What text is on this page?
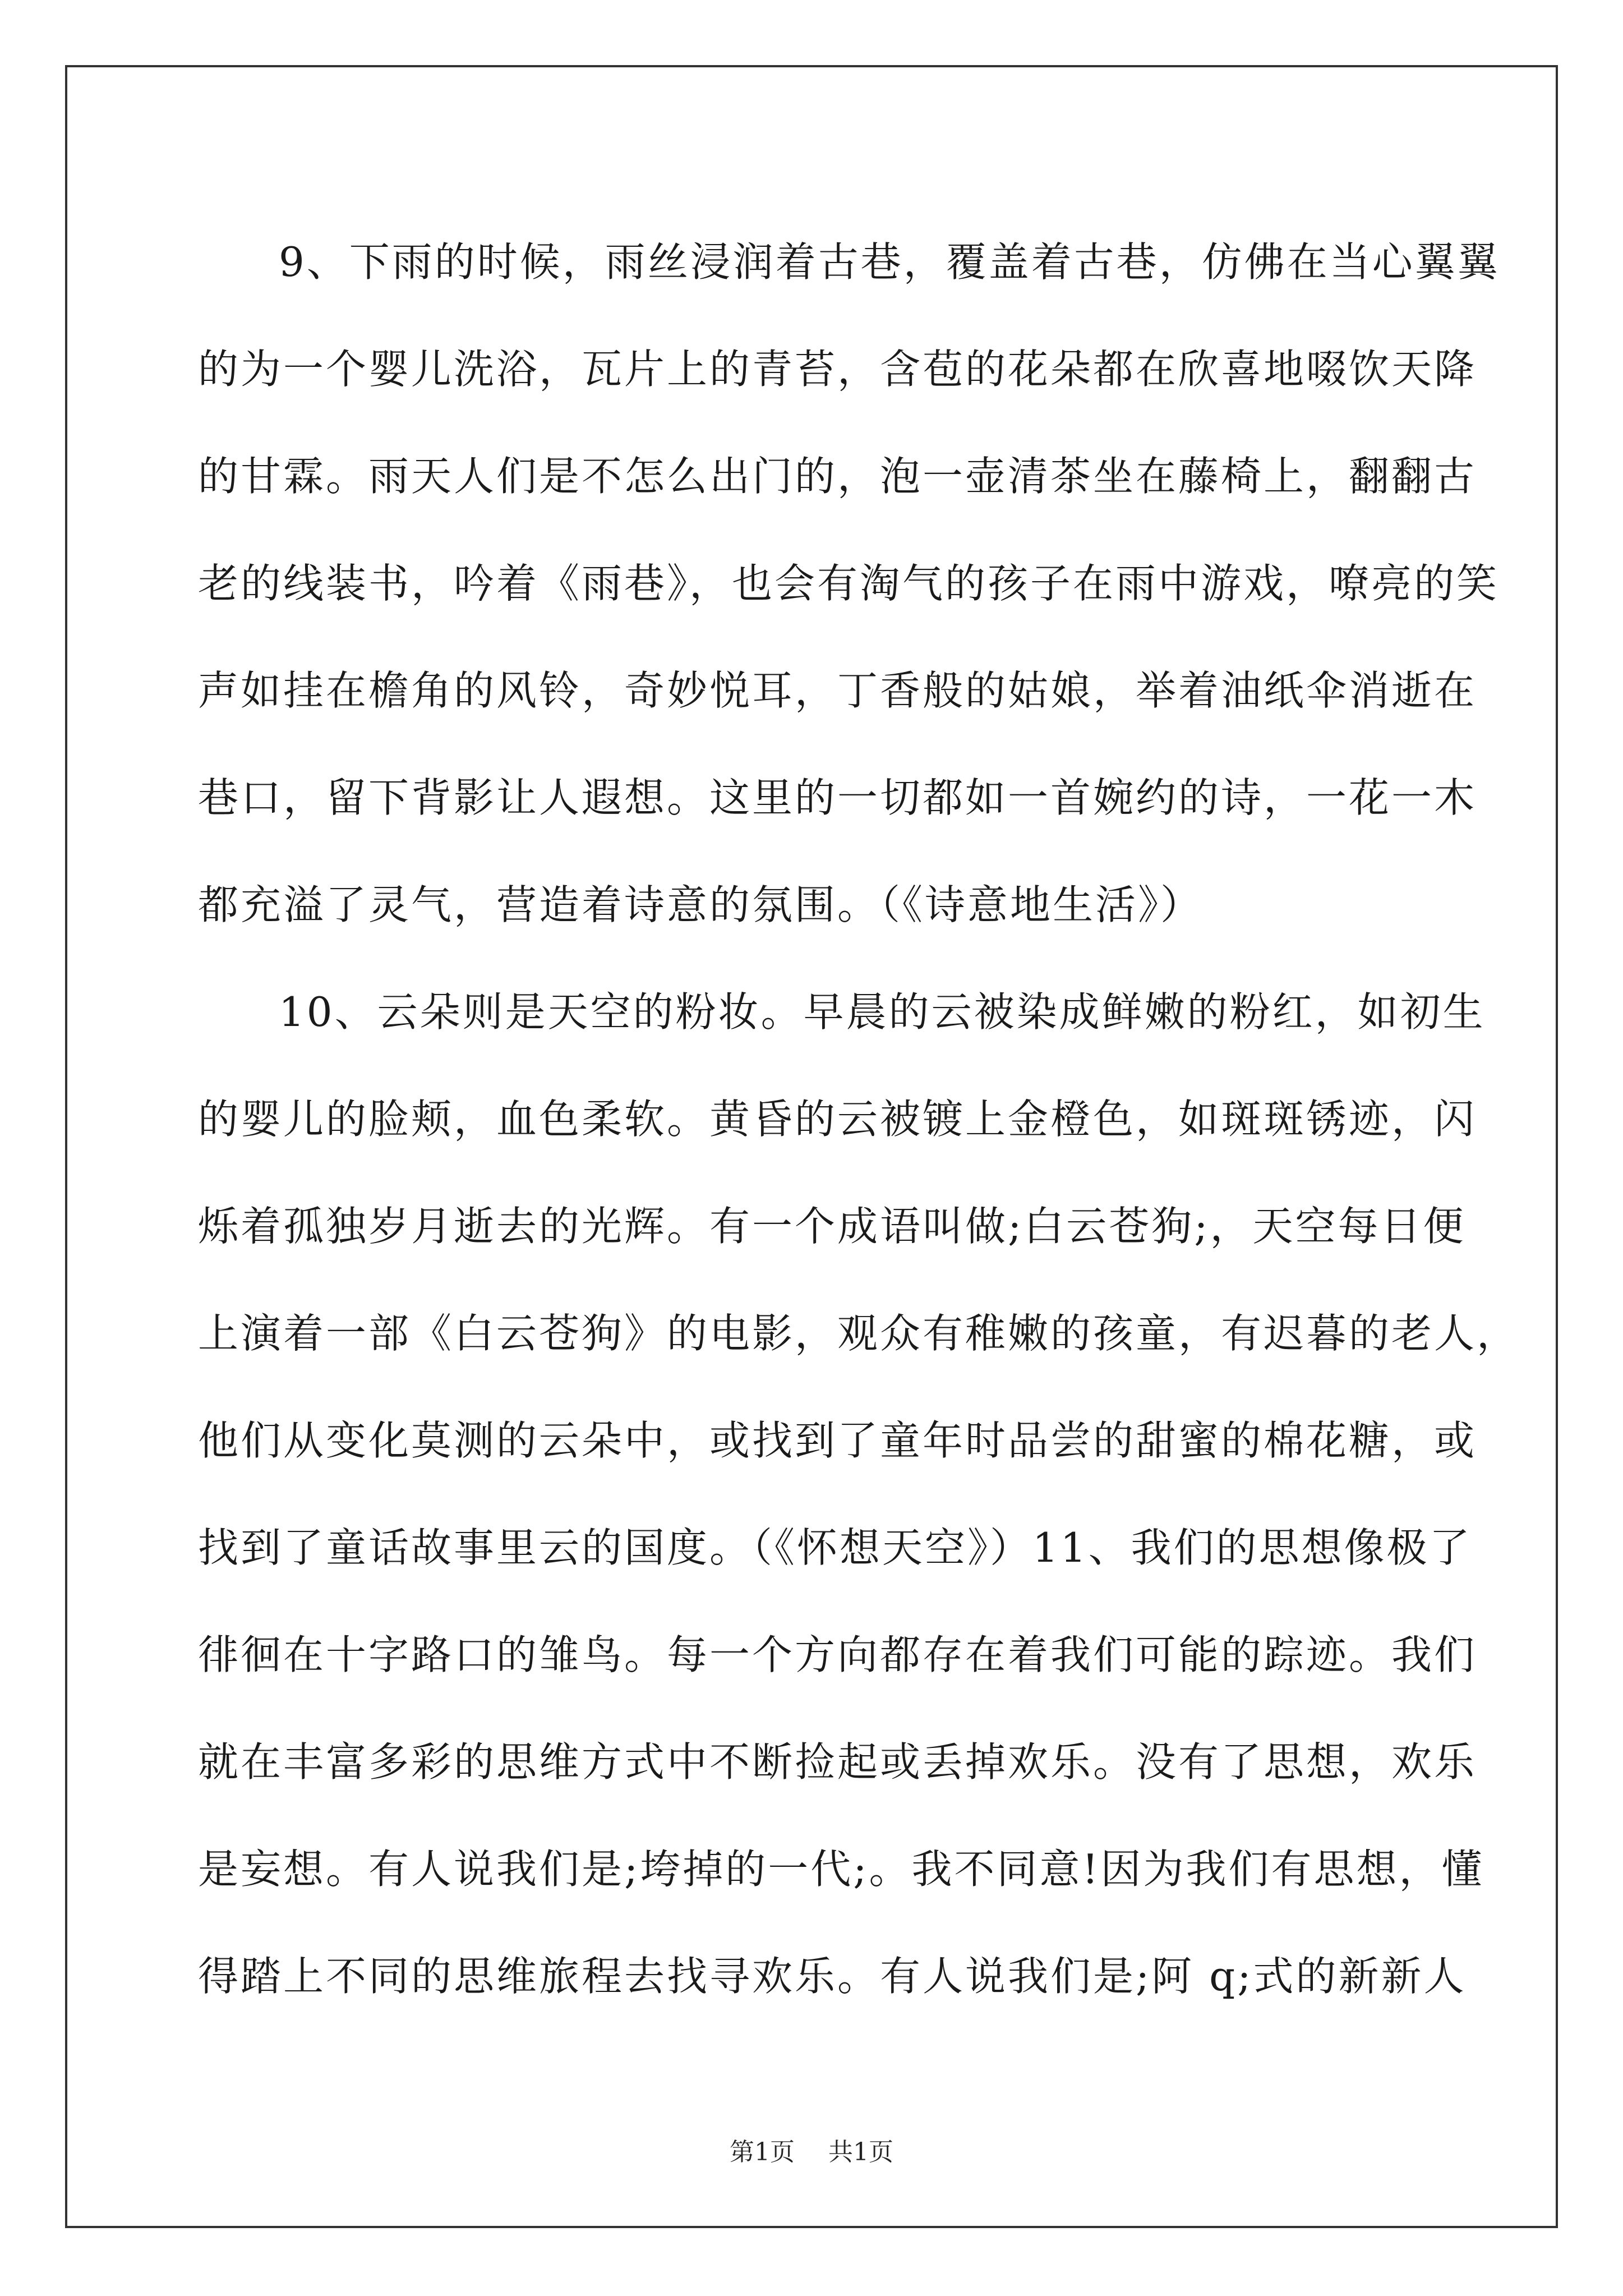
9、下雨的时候，雨丝浸润着古巷，覆盖着古巷，仿佛在当心翼翼
的为一个婴儿洗浴，瓦片上的青苔，含苞的花朵都在欣喜地啜饮天降
的甘霖。雨天人们是不怎么出门的，泡一壶清茶坐在藤椅上，翻翻古
老的线装书，吟着《雨巷》，也会有淘气的孩子在雨中游戏，嘹亮的笑
声如挂在檐角的风铃，奇妙悦耳，丁香般的姑娘，举着油纸伞消逝在
巷口，留下背影让人遐想。这里的一切都如一首婉约的诗，一花一木
都充溢了灵气，营造着诗意的氛围。（《诗意地生活》）

10、云朵则是天空的粉妆。早晨的云被染成鲜嫩的粉红，如初生
的婴儿的脸颊，血色柔软。黄昏的云被镀上金橙色，如斑斑锈迹，闪
烁着孤独岁月逝去的光辉。有一个成语叫做;白云苍狗;，天空每日便
上演着一部《白云苍狗》的电影，观众有稚嫩的孩童，有迟暮的老人，
他们从变化莫测的云朵中，或找到了童年时品尝的甜蜜的棉花糖，或
找到了童话故事里云的国度。（《怀想天空》）11、我们的思想像极了
徘徊在十字路口的雏鸟。每一个方向都存在着我们可能的踪迹。我们
就在丰富多彩的思维方式中不断捡起或丢掉欢乐。没有了思想，欢乐
是妄想。有人说我们是;垮掉的一代;。我不同意!因为我们有思想，懂
得踏上不同的思维旅程去找寻欢乐。有人说我们是;阿 q;式的新新人

第1页 共1页
